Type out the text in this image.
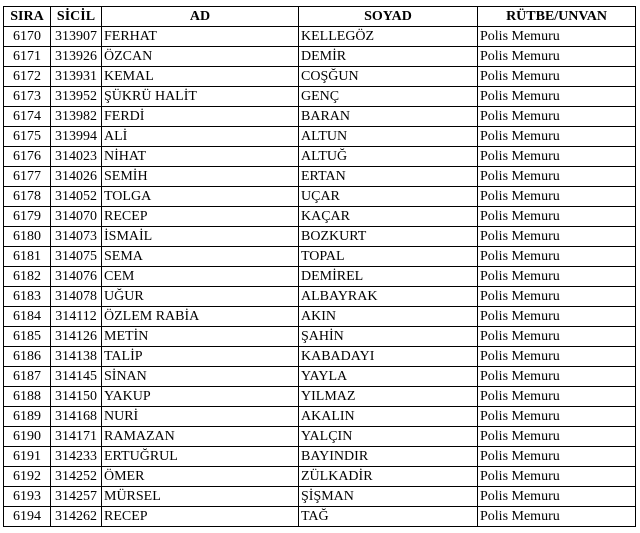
SIRA	SİCİL	AD	SOYAD	RÜTBE/UNVAN
6170	313907	FERHAT	KELLEGÖZ	Polis Memuru
6171	313926	ÖZCAN	DEMİR	Polis Memuru
6172	313931	KEMAL	COŞĞUN	Polis Memuru
6173	313952	ŞÜKRÜ HALİT	GENÇ	Polis Memuru
6174	313982	FERDİ	BARAN	Polis Memuru
6175	313994	ALİ	ALTUN	Polis Memuru
6176	314023	NİHAT	ALTUĞ	Polis Memuru
6177	314026	SEMİH	ERTAN	Polis Memuru
6178	314052	TOLGA	UÇAR	Polis Memuru
6179	314070	RECEP	KAÇAR	Polis Memuru
6180	314073	İSMAİL	BOZKURT	Polis Memuru
6181	314075	SEMA	TOPAL	Polis Memuru
6182	314076	CEM	DEMİREL	Polis Memuru
6183	314078	UĞUR	ALBAYRAK	Polis Memuru
6184	314112	ÖZLEM RABİA	AKIN	Polis Memuru
6185	314126	METİN	ŞAHİN	Polis Memuru
6186	314138	TALİP	KABADAYI	Polis Memuru
6187	314145	SİNAN	YAYLA	Polis Memuru
6188	314150	YAKUP	YILMAZ	Polis Memuru
6189	314168	NURİ	AKALIN	Polis Memuru
6190	314171	RAMAZAN	YALÇIN	Polis Memuru
6191	314233	ERTUĞRUL	BAYINDIR	Polis Memuru
6192	314252	ÖMER	ZÜLKADİR	Polis Memuru
6193	314257	MÜRSEL	ŞİŞMAN	Polis Memuru
6194	314262	RECEP	TAĞ	Polis Memuru
